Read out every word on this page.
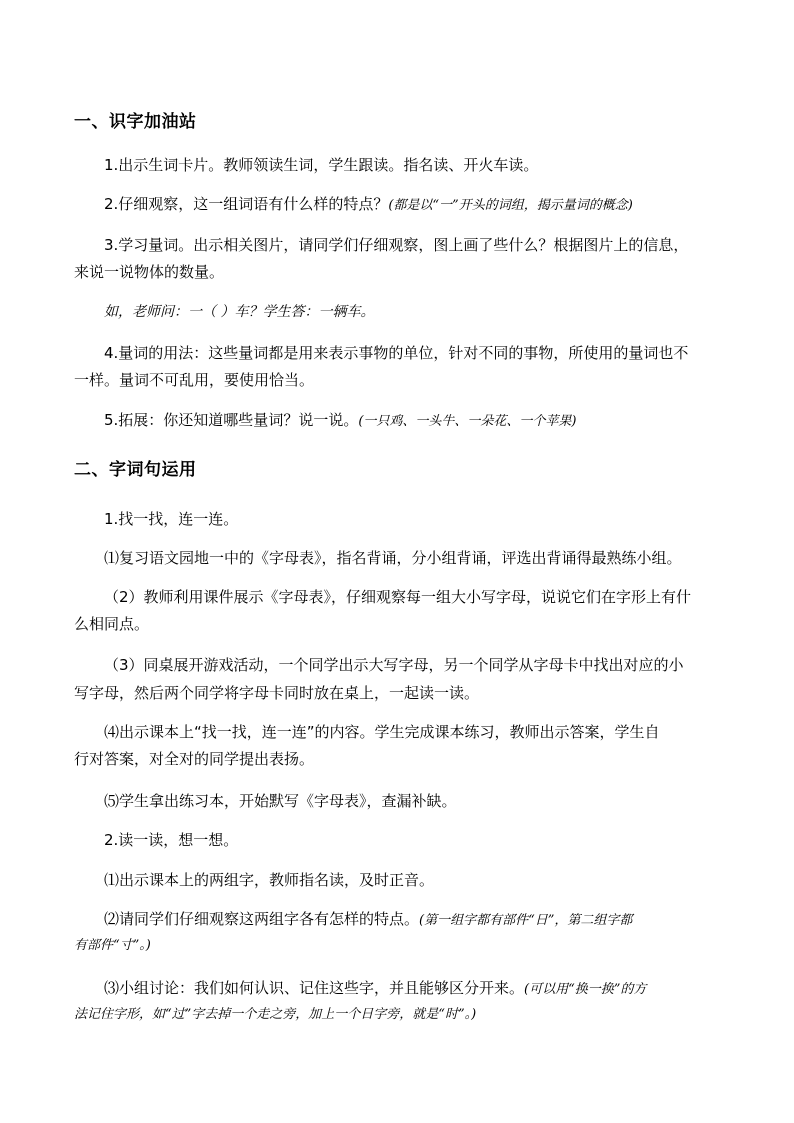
一、识字加油站
1.出示生词卡片。教师领读生词，学生跟读。指名读、开火车读。
2.仔细观察，这一组词语有什么样的特点？(都是以“一”开头的词组，揭示量词的概念)
3.学习量词。出示相关图片，请同学们仔细观察，图上画了些什么？根据图片上的信息，
来说一说物体的数量。
如，老师问：一（ ）车？学生答：一辆车。
4.量词的用法：这些量词都是用来表示事物的单位，针对不同的事物，所使用的量词也不
一样。量词不可乱用，要使用恰当。
5.拓展：你还知道哪些量词？说一说。(一只鸡、一头牛、一朵花、一个苹果)
二、字词句运用
1.找一找，连一连。
⑴复习语文园地一中的《字母表》，指名背诵，分小组背诵，评选出背诵得最熟练小组。
（2）教师利用课件展示《字母表》，仔细观察每一组大小写字母，说说它们在字形上有什
么相同点。
（3）同桌展开游戏活动，一个同学出示大写字母，另一个同学从字母卡中找出对应的小
写字母，然后两个同学将字母卡同时放在桌上，一起读一读。
⑷出示课本上“找一找，连一连”的内容。学生完成课本练习，教师出示答案，学生自
行对答案，对全对的同学提出表扬。
⑸学生拿出练习本，开始默写《字母表》，查漏补缺。
2.读一读，想一想。
⑴出示课本上的两组字，教师指名读，及时正音。
⑵请同学们仔细观察这两组字各有怎样的特点。(第一组字都有部件“日”，第二组字都
有部件“寸”。)
⑶小组讨论：我们如何认识、记住这些字，并且能够区分开来。(可以用“换一换”的方
法记住字形，如“过”字去掉一个走之旁，加上一个日字旁，就是“时”。)
